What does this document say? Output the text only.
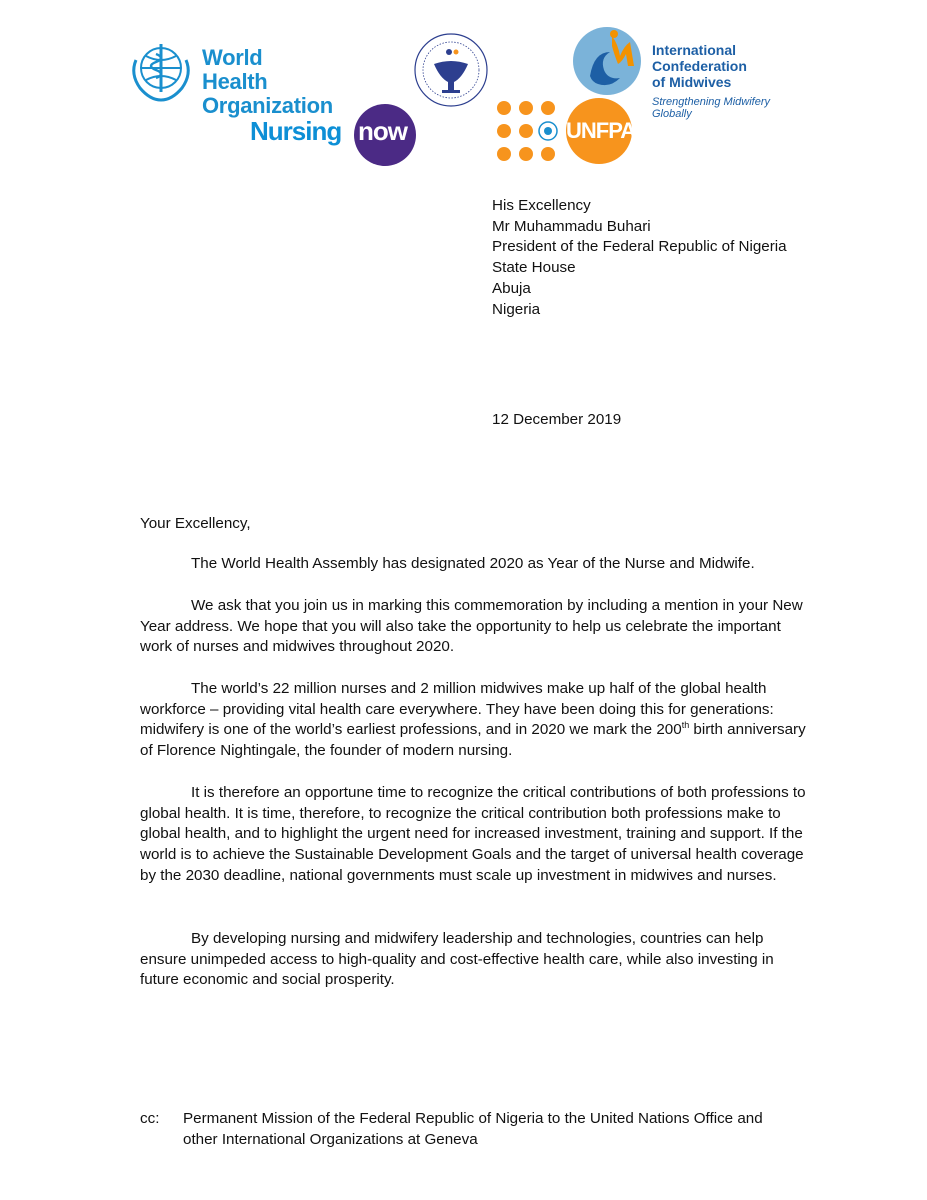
World Health
Organization
International
Confederation
of Midwives
Strengthening Midwifery Globally
Nursing now	UNFPA
His Excellency
Mr Muhammadu Buhari
President of the Federal Republic of Nigeria
State House
Abuja
Nigeria
12 December 2019
Your Excellency,

The World Health Assembly has designated 2020 as Year of the Nurse and Midwife.

We ask that you join us in marking this commemoration by including a mention in your New Year address. We hope that you will also take the opportunity to help us celebrate the important work of nurses and midwives throughout 2020.

The world’s 22 million nurses and 2 million midwives make up half of the global health workforce – providing vital health care everywhere. They have been doing this for generations: midwifery is one of the world’s earliest professions, and in 2020 we mark the 200th birth anniversary of Florence Nightingale, the founder of modern nursing.

It is therefore an opportune time to recognize the critical contributions of both professions to global health. It is time, therefore, to recognize the critical contribution both professions make to global health, and to highlight the urgent need for increased investment, training and support. If the world is to achieve the Sustainable Development Goals and the target of universal health coverage by the 2030 deadline, national governments must scale up investment in midwives and nurses.

By developing nursing and midwifery leadership and technologies, countries can help ensure unimpeded access to high-quality and cost-effective health care, while also investing in future economic and social prosperity.

cc: Permanent Mission of the Federal Republic of Nigeria to the United Nations Office and
other International Organizations at Geneva
